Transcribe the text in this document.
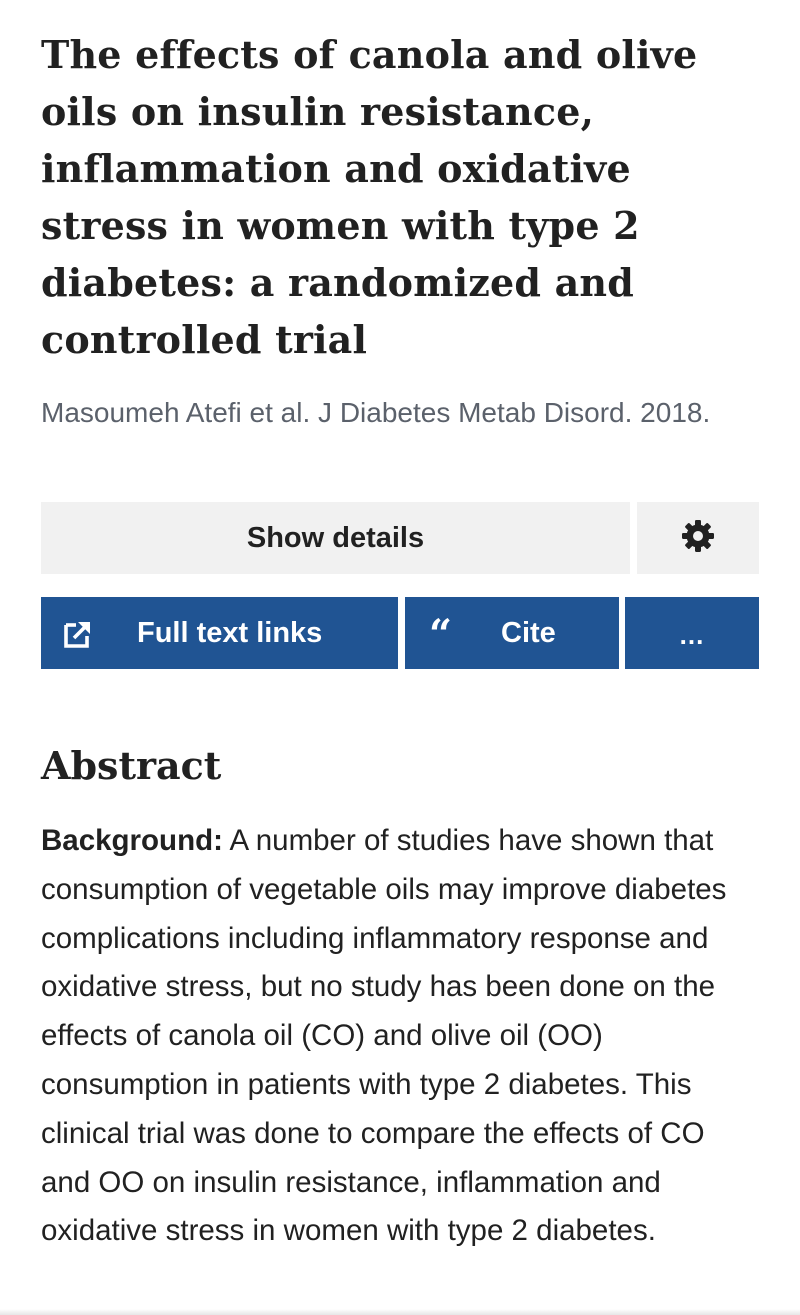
The effects of canola and olive oils on insulin resistance, inflammation and oxidative stress in women with type 2 diabetes: a randomized and controlled trial
Masoumeh Atefi et al. J Diabetes Metab Disord. 2018.
Show details
Full text links	“ Cite	...
Abstract

Background: A number of studies have shown that consumption of vegetable oils may improve diabetes complications including inflammatory response and oxidative stress, but no study has been done on the effects of canola oil (CO) and olive oil (OO) consumption in patients with type 2 diabetes. This clinical trial was done to compare the effects of CO and OO on insulin resistance, inflammation and oxidative stress in women with type 2 diabetes.
